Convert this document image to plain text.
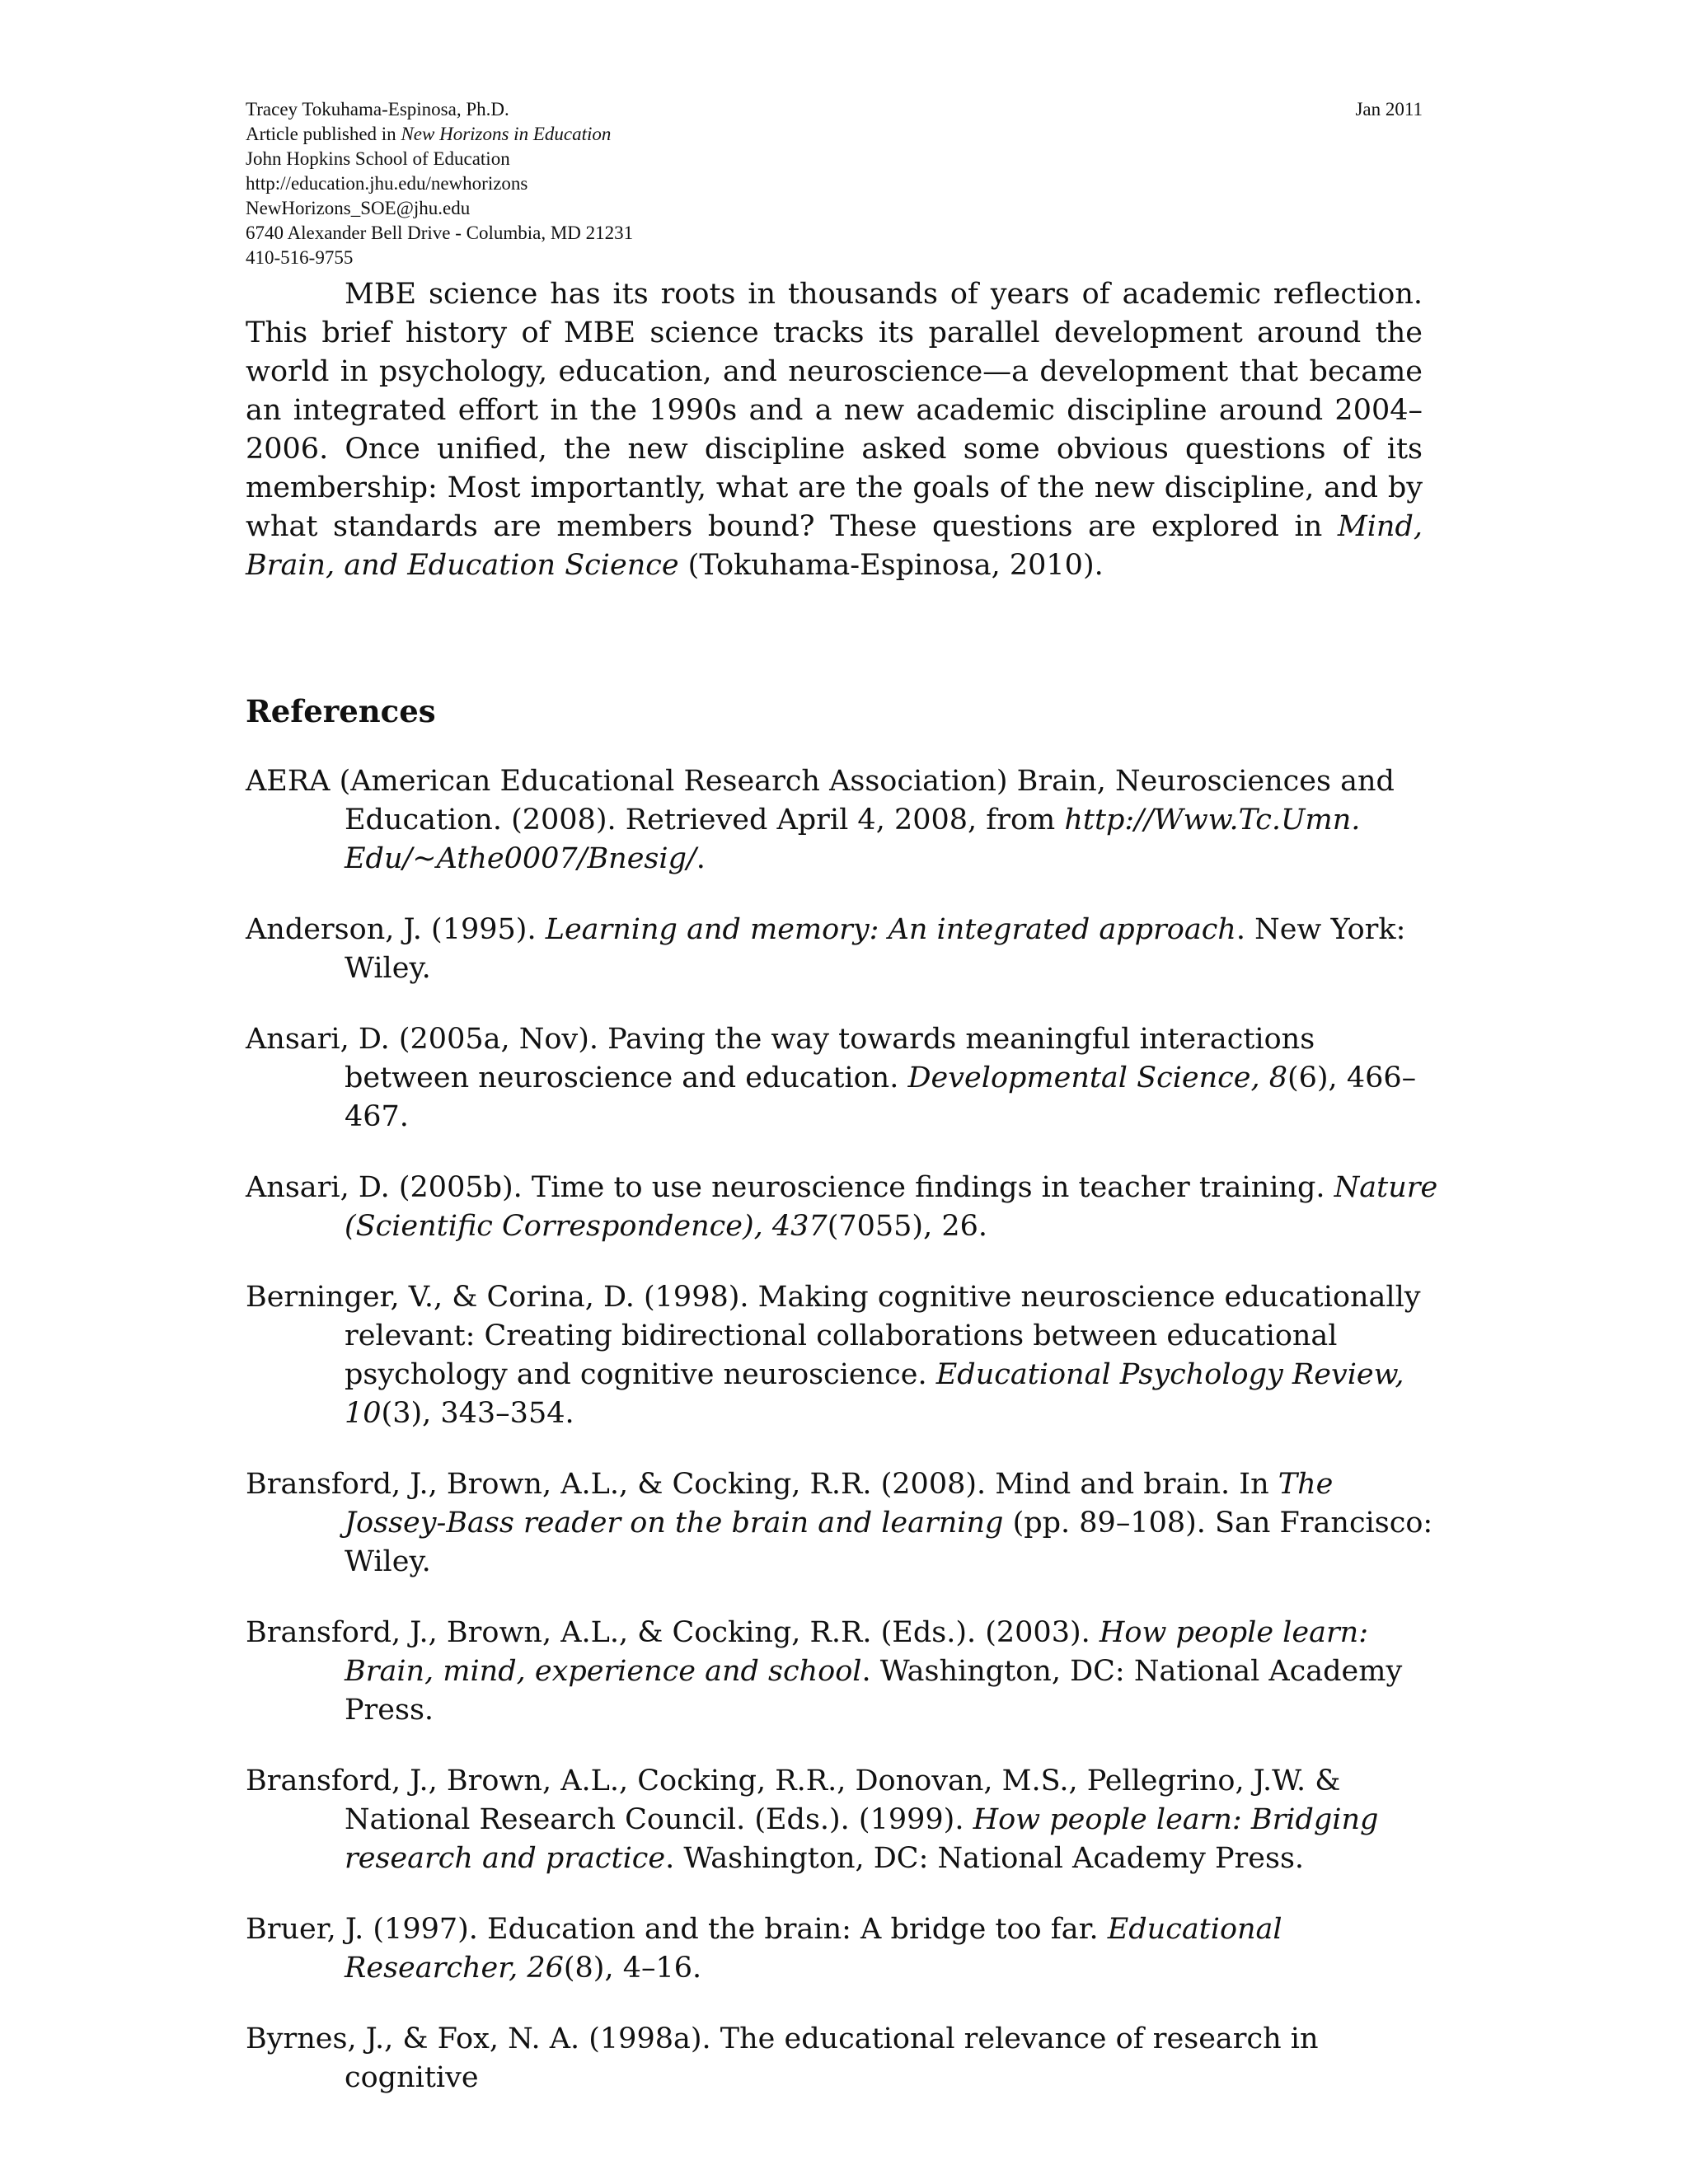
Tracey Tokuhama-Espinosa, Ph.D.	Jan 2011
Article published in New Horizons in Education
John Hopkins School of Education
http://education.jhu.edu/newhorizons
NewHorizons_SOE@jhu.edu
6740 Alexander Bell Drive - Columbia, MD 21231
410-516-9755

MBE science has its roots in thousands of years of academic reflection. This brief history of MBE science tracks its parallel development around the world in psychology, education, and neuroscience—a development that became an integrated effort in the 1990s and a new academic discipline around 2004–2006. Once unified, the new discipline asked some obvious questions of its membership: Most importantly, what are the goals of the new discipline, and by what standards are members bound? These questions are explored in Mind, Brain, and Education Science (Tokuhama-Espinosa, 2010).

References
AERA (American Educational Research Association) Brain, Neurosciences and Education. (2008). Retrieved April 4, 2008, from http://Www.Tc.Umn. Edu/~Athe0007/Bnesig/.
Anderson, J. (1995). Learning and memory: An integrated approach. New York: Wiley.
Ansari, D. (2005a, Nov). Paving the way towards meaningful interactions between neuroscience and education. Developmental Science, 8(6), 466–467.
Ansari, D. (2005b). Time to use neuroscience findings in teacher training. Nature (Scientific Correspondence), 437(7055), 26.
Berninger, V., & Corina, D. (1998). Making cognitive neuroscience educationally relevant: Creating bidirectional collaborations between educational psychology and cognitive neuroscience. Educational Psychology Review, 10(3), 343–354.
Bransford, J., Brown, A.L., & Cocking, R.R. (2008). Mind and brain. In The Jossey-Bass reader on the brain and learning (pp. 89–108). San Francisco: Wiley.
Bransford, J., Brown, A.L., & Cocking, R.R. (Eds.). (2003). How people learn: Brain, mind, experience and school. Washington, DC: National Academy Press.
Bransford, J., Brown, A.L., Cocking, R.R., Donovan, M.S., Pellegrino, J.W. & National Research Council. (Eds.). (1999). How people learn: Bridging research and practice. Washington, DC: National Academy Press.
Bruer, J. (1997). Education and the brain: A bridge too far. Educational Researcher, 26(8), 4–16.
Byrnes, J., & Fox, N. A. (1998a). The educational relevance of research in cognitive
